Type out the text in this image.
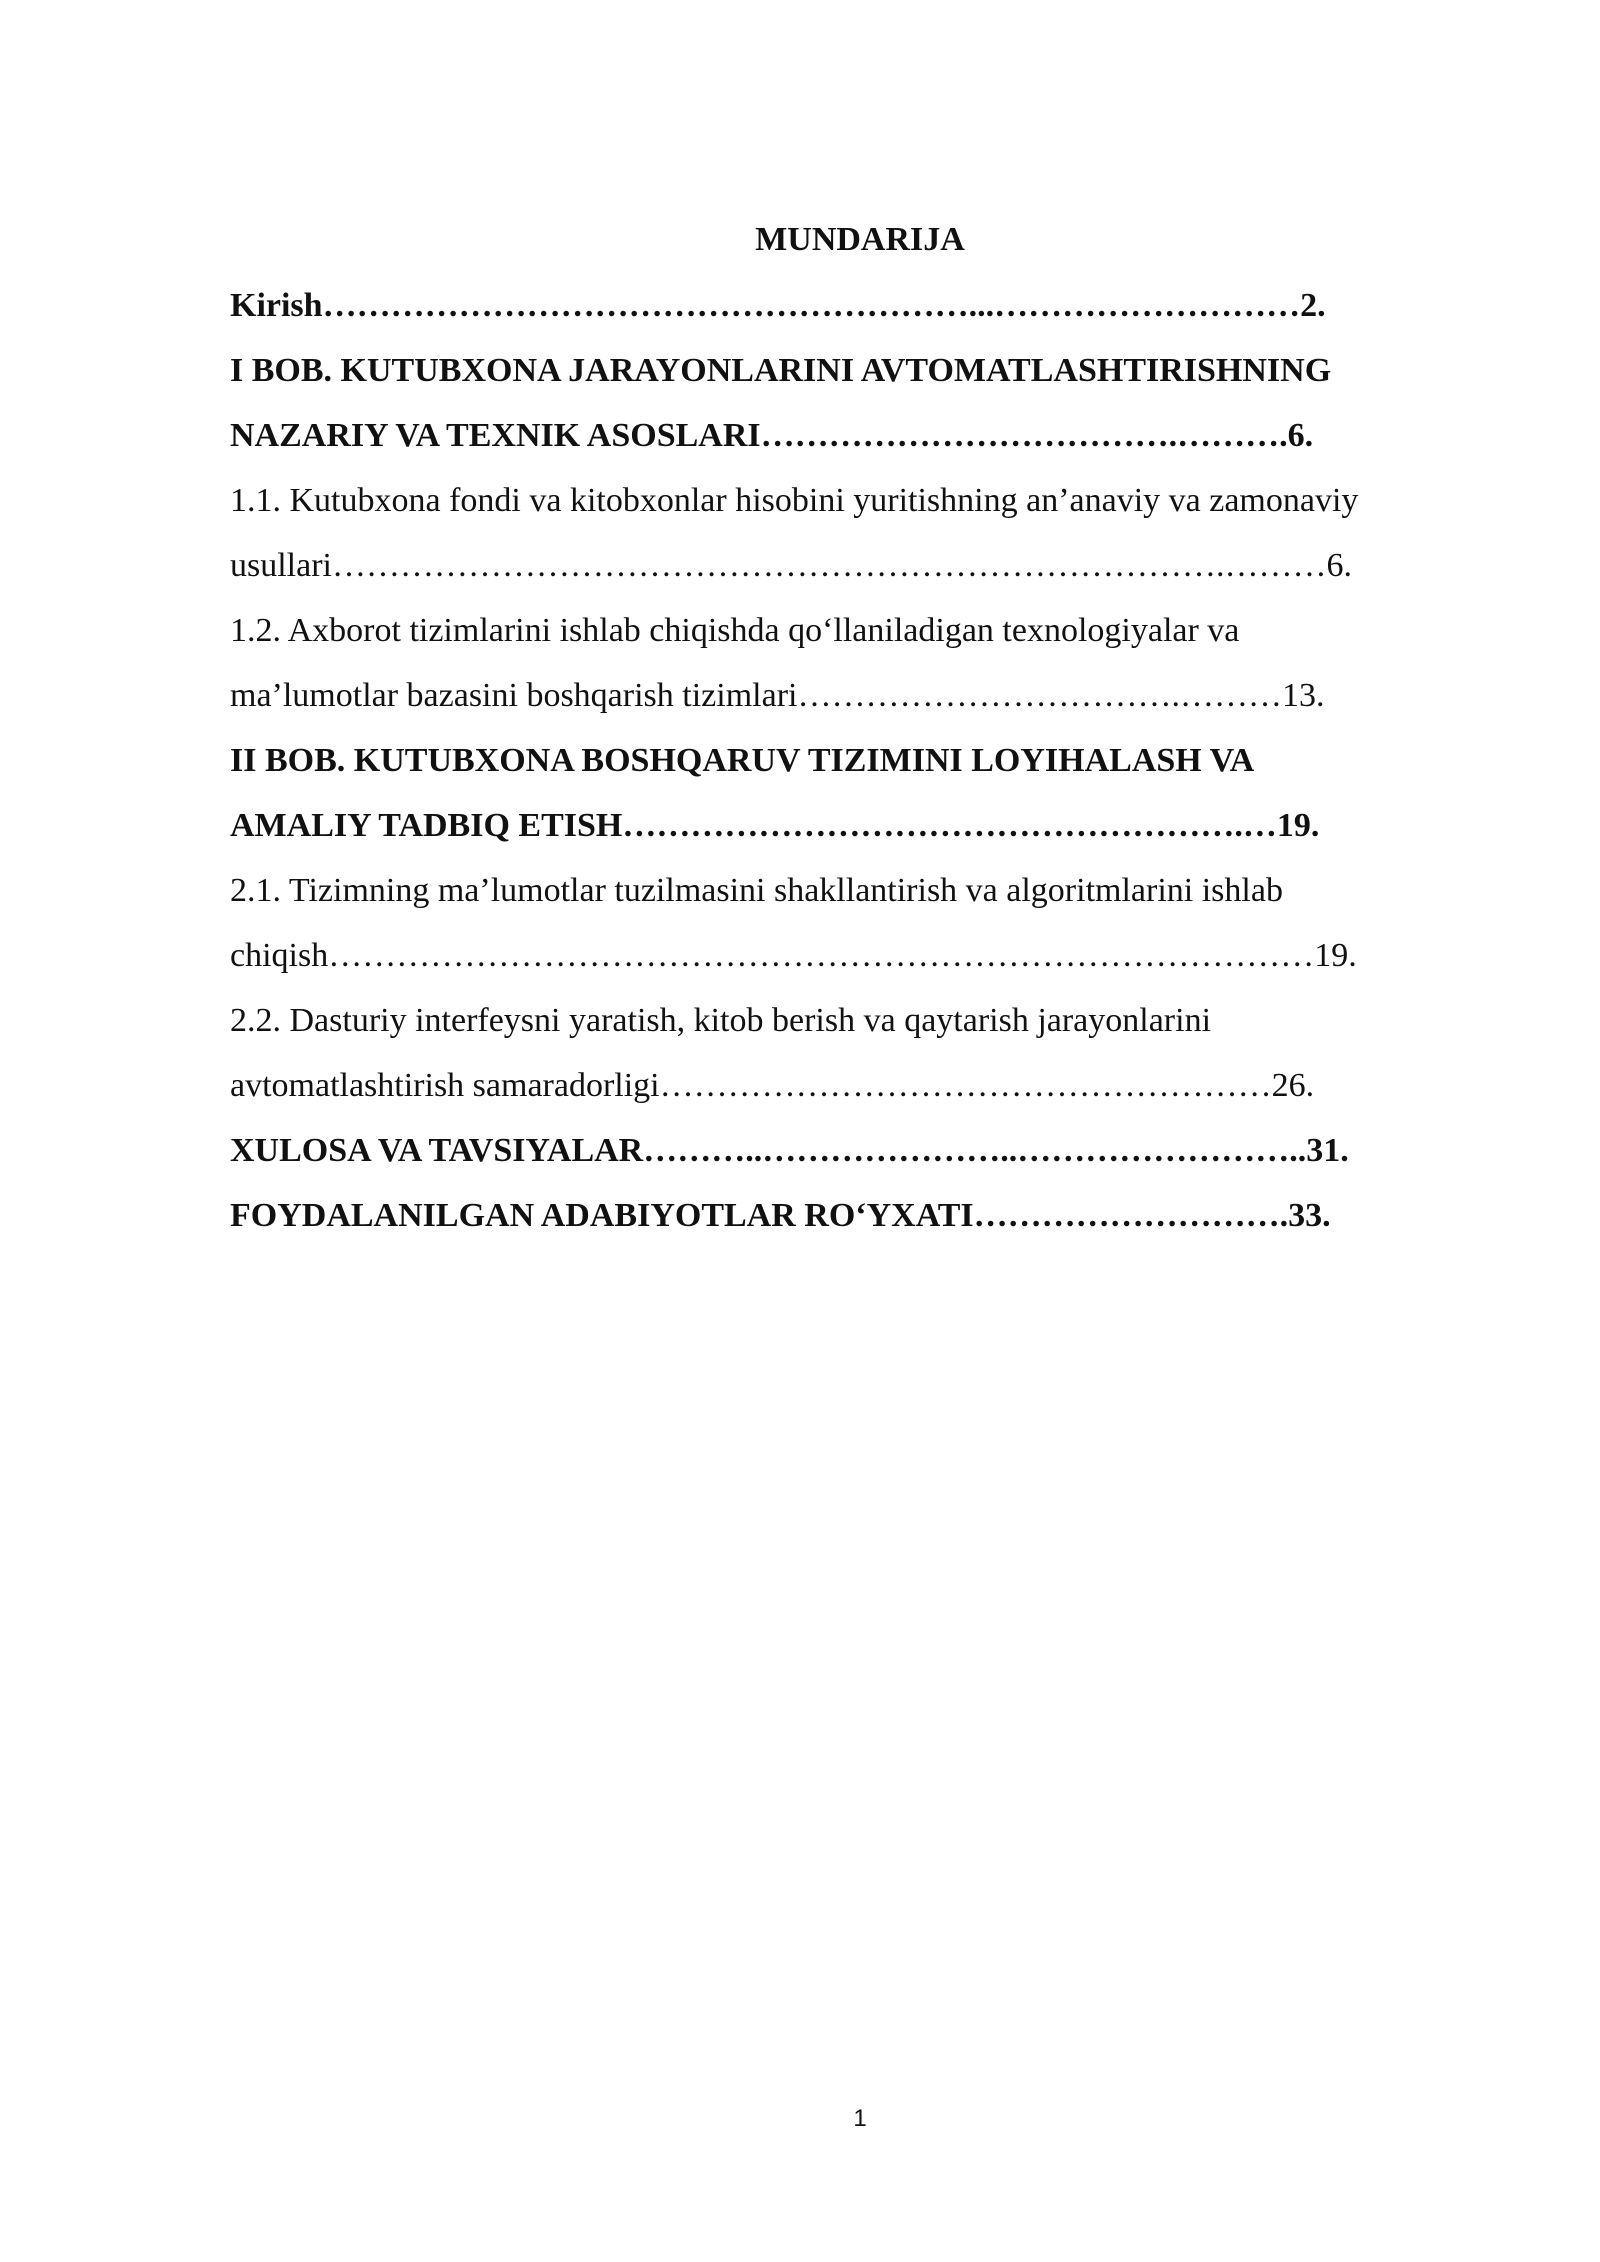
MUNDARIJA
Kirish…………………………………………………...………………………2.
I BOB. KUTUBXONA JARAYONLARINI AVTOMATLASHTIRISHNING
NAZARIY VA TEXNIK ASOSLARI……………………………….……….6.
1.1. Kutubxona fondi va kitobxonlar hisobini yuritishning an’anaviy va zamonaviy
usullari…………………………………………………………………….………6.
1.2. Axborot tizimlarini ishlab chiqishda qo‘llaniladigan texnologiyalar va
ma’lumotlar bazasini boshqarish tizimlari…………………………….………13.
II BOB. KUTUBXONA BOSHQARUV TIZIMINI LOYIHALASH VA
AMALIY TADBIQ ETISH……………………………………………….…19.
2.1. Tizimning ma’lumotlar tuzilmasini shakllantirish va algoritmlarini ishlab
chiqish……………………………………………………………………………19.
2.2. Dasturiy interfeysni yaratish, kitob berish va qaytarish jarayonlarini
avtomatlashtirish samaradorligi………………………………………………26.
XULOSA VA TAVSIYALAR………..…………………..……………………..31.
FOYDALANILGAN ADABIYOTLAR RO‘YXATI……………………….33.
1
